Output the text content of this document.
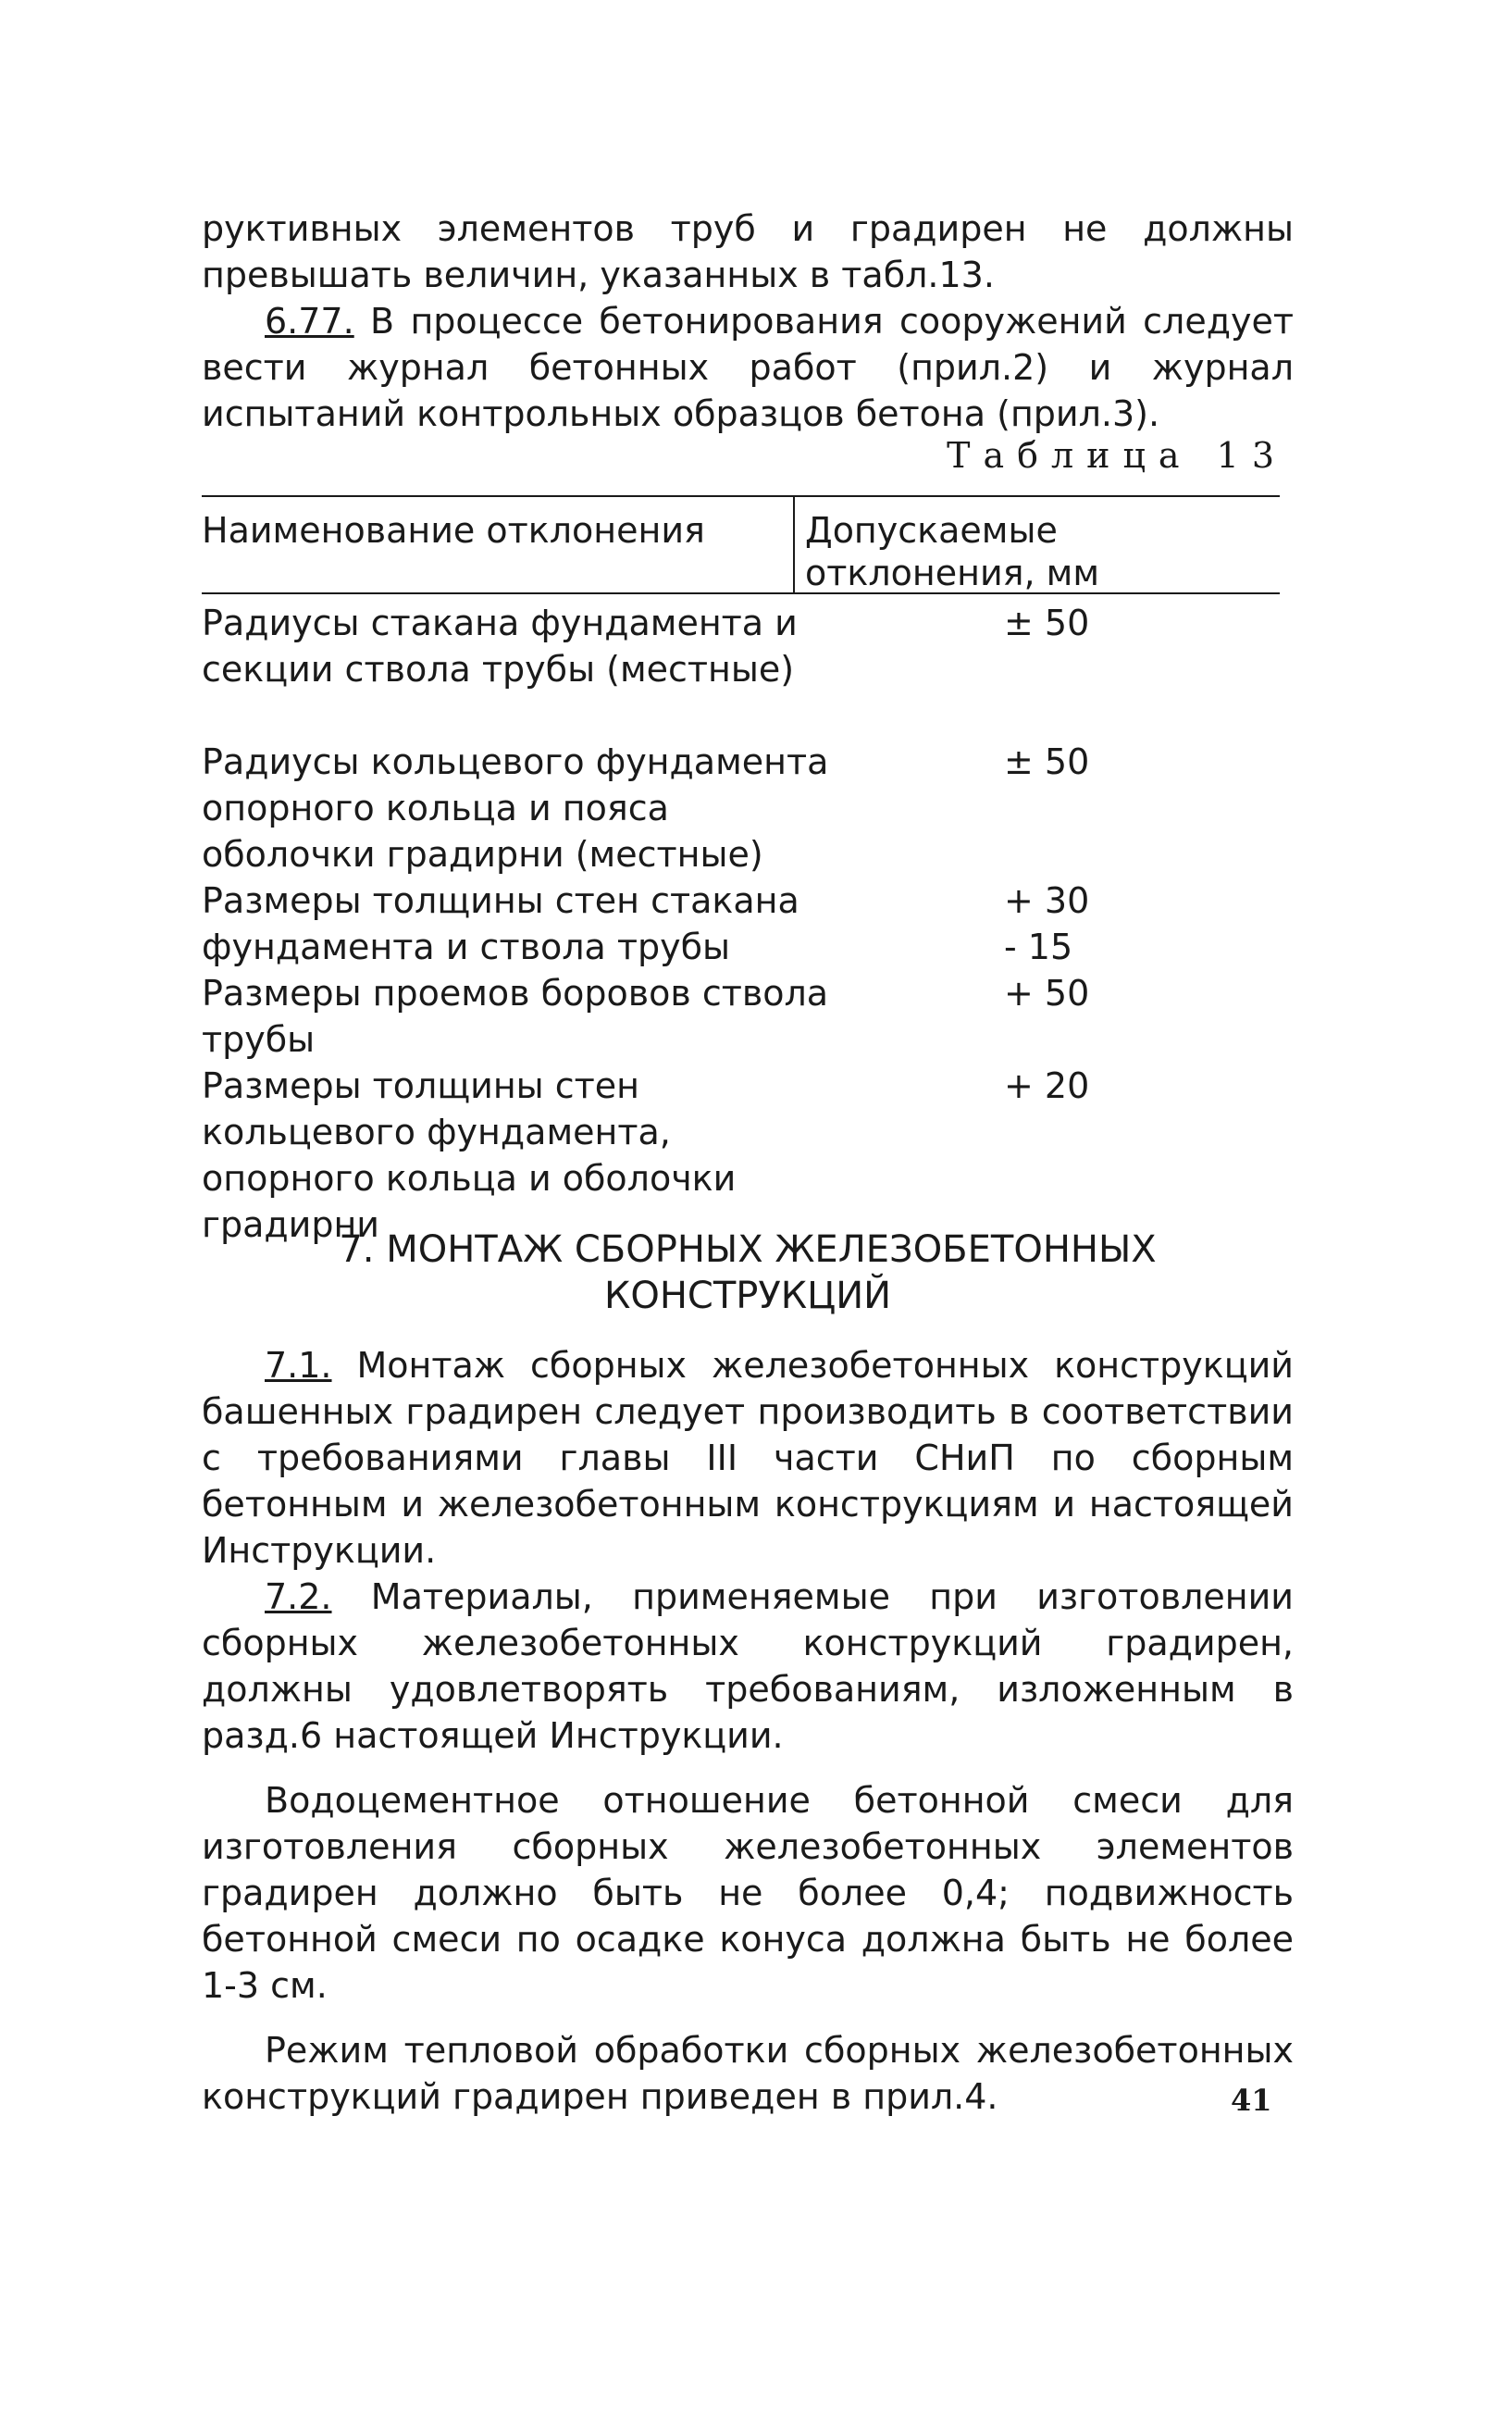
руктивных элементов труб и градирен не должны превышать величин, указанных в табл.13.
6.77. В процессе бетонирования сооружений следует вести журнал бетонных работ (прил.2) и журнал испытаний контрольных образцов бетона (прил.3).
Таблица 13
Наименование отклонения	Допускаемые отклонения, мм
Радиусы стакана фундамента и секции ствола трубы (местные)
± 50
Радиусы кольцевого фундамента опорного кольца и пояса оболочки градирни (местные)
± 50
Размеры толщины стен стакана фундамента и ствола трубы
+ 30
- 15
Размеры проемов боровов ствола трубы
+ 50
Размеры толщины стен кольцевого фундамента, опорного кольца и оболочки градирни
+ 20
7. МОНТАЖ СБОРНЫХ ЖЕЛЕЗОБЕТОННЫХ
КОНСТРУКЦИЙ
7.1. Монтаж сборных железобетонных конструкций башенных градирен следует производить в соответствии с требованиями главы III части СНиП по сборным бетонным и железобетонным конструкциям и настоящей Инструкции.
7.2. Материалы, применяемые при изготовлении сборных железобетонных конструкций градирен, должны удовлетворять требованиям, изложенным в разд.6 настоящей Инструкции.
Водоцементное отношение бетонной смеси для изготовления сборных железобетонных элементов градирен должно быть не более 0,4; подвижность бетонной смеси по осадке конуса должна быть не более 1-3 см.
Режим тепловой обработки сборных железобетонных конструкций градирен приведен в прил.4.	41
